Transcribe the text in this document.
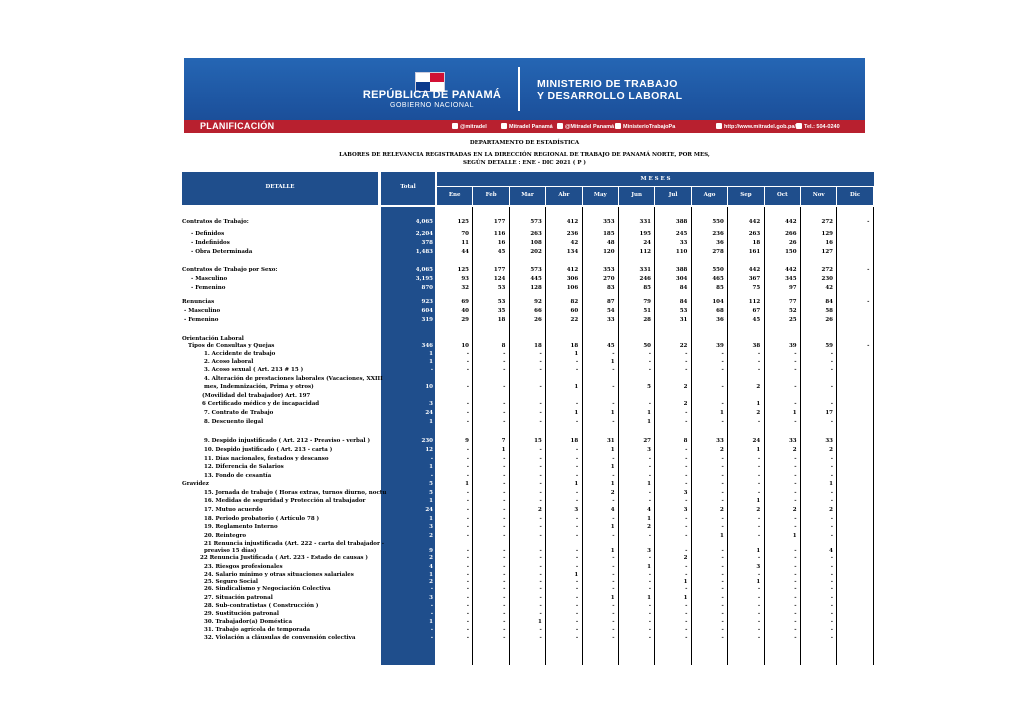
REPÚBLICA DE PANAMÁ
GOBIERNO NACIONAL
MINISTERIO DE TRABAJO
Y DESARROLLO LABORAL
PLANIFICACIÓN	@mitradel	Mitradel Panamá	@Mitradel Panamá	MinisterioTrabajoPa	http://www.mitradel.gob.pa/	Tel.: 504-0240
DEPARTAMENTO DE ESTADÍSTICA
LABORES DE RELEVANCIA REGISTRADAS EN LA DIRECCIÓN REGIONAL DE TRABAJO DE PANAMÁ NORTE, POR MES,
SEGÚN DETALLE : ENE - DIC 2021 ( P )
DETALLE	Total
M E S E S
Ene	Feb	Mar	Abr	May	Jun	Jul	Ago	Sep	Oct	Nov	Dic
Contratos de Trabajo:	4,065	125	177	573	412	353	331	388	550	442	442	272	-
- Definidos	2,204	70	116	263	236	185	195	245	236	263	266	129
- Indefinidos	378	11	16	108	42	48	24	33	36	18	26	16
- Obra Determinada	1,483	44	45	202	134	120	112	110	278	161	150	127
Contratos de Trabajo por Sexo:	4,065	125	177	573	412	353	331	388	550	442	442	272	-
- Masculino	3,195	93	124	445	306	270	246	304	465	367	345	230
- Femenino	870	32	53	128	106	83	85	84	85	75	97	42
Renuncias	923	69	53	92	82	87	79	84	104	112	77	84	-
- Masculino	604	40	35	66	60	54	51	53	68	67	52	58
- Femenino	319	29	18	26	22	33	28	31	36	45	25	26
Orientación Laboral
Tipos de Consultas y Quejas	346	10	8	18	18	45	50	22	39	38	39	59	-
1. Accidente de trabajo	1	-	-	-	1	-	-	-	-	-	-	-
2. Acoso laboral	1	-	-	-	-	1	-	-	-	-	-	-
3. Acoso sexual ( Art. 213 # 15 )	-	-	-	-	-	-	-	-	-	-	-	-
4. Alteración de prestaciones laborales (Vacaciones, XXIII
mes, Indemnización, Prima y otros)	10	-	-	-	1	-	5	2	-	2	-	-
(Movilidad del trabajador) Art. 197
6 Certificado médico y de incapacidad	3	-	-	-	-	-	-	2	-	1	-	-
7. Contrato de Trabajo	24	-	-	-	1	1	1	-	1	2	1	17
8. Descuento ilegal	1	-	-	-	-	-	1	-	-	-	-	-
9. Despido injustificado ( Art. 212 - Preaviso - verbal )	230	9	7	15	18	31	27	8	33	24	33	33
10. Despido justificado ( Art. 213 - carta )	12	-	1	-	-	1	3	-	2	1	2	2
11. Días nacionales, festados y descanso	-	-	-	-	-	-	-	-	-	-	-	-
12. Diferencia de Salarios	1	-	-	-	-	1	-	-	-	-	-	-
13. Fondo de cesantía	-	-	-	-	-	-	-	-	-	-	-	-
Gravidez	5	1	-	-	1	1	1	-	-	-	-	1
15. Jornada de trabajo ( Horas extras, turnos diurno, noctu	5	-	-	-	-	2	-	3	-	-	-	-
16. Medidas de seguridad y Protección al trabajador	1	-	-	-	-	-	-	-	-	1	-	-
17. Mutuo acuerdo	24	-	-	2	3	4	4	3	2	2	2	2
18. Periodo probatorio ( Artículo 78 )	1	-	-	-	-	-	1	-	-	-	-	-
19. Reglamento Interno	3	-	-	-	-	1	2	-	-	-	-	-
20. Reintegro	2	-	-	-	-	-	-	-	1	-	1	-
21 Renuncia injustificada (Art. 222 - carta del trabajador -
preaviso 15 días)	9	-	-	-	-	1	3	-	-	1	-	4
22 Renuncia Justificada ( Art. 223 - Estado de causas )	2	-	-	-	-	-	-	2	-	-	-	-
23. Riesgos profesionales	4	-	-	-	-	-	1	-	-	3	-	-
24. Salario mínimo y otras situaciones salariales	1	-	-	-	1	-	-	-	-	-	-	-
25. Seguro Social	2	-	-	-	-	-	-	1	-	1	-	-
26. Sindicalismo y Negociación Colectiva	-	-	-	-	-	-	-	-	-	-	-	-
27. Situación patronal	3	-	-	-	-	1	1	1	-	-	-	-
28. Sub-contratistas ( Construcción )	-	-	-	-	-	-	-	-	-	-	-	-
29. Sustitución patronal	-	-	-	-	-	-	-	-	-	-	-	-
30. Trabajador(a) Doméstica	1	-	-	1	-	-	-	-	-	-	-	-
31. Trabajo agrícola de temporada	-	-	-	-	-	-	-	-	-	-	-	-
32. Violación a cláusulas de convensión colectiva	-	-	-	-	-	-	-	-	-	-	-	-
